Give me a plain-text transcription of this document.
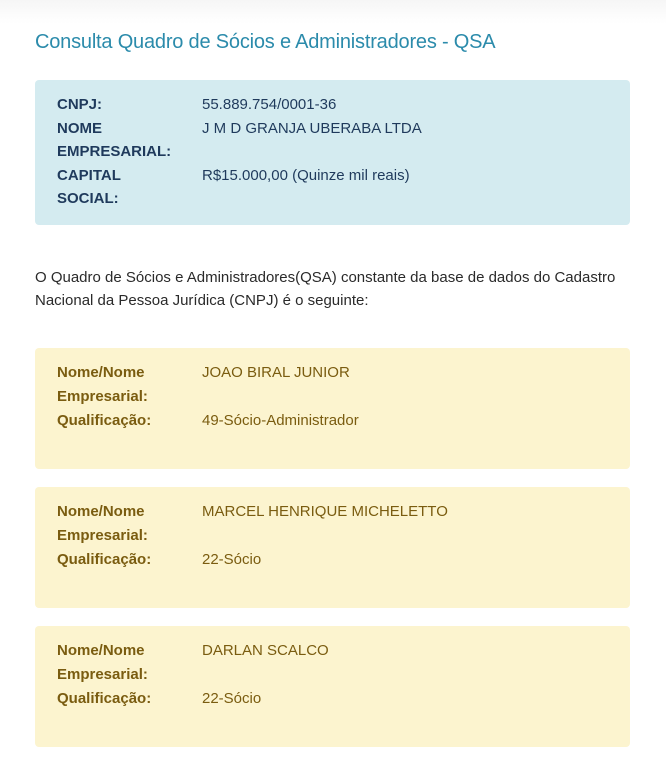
Consulta Quadro de Sócios e Administradores - QSA
CNPJ:	55.889.754/0001-36
NOME
EMPRESARIAL:
J M D GRANJA UBERABA LTDA
CAPITAL
SOCIAL:
R$15.000,00 (Quinze mil reais)
O Quadro de Sócios e Administradores(QSA) constante da base de dados do Cadastro Nacional da Pessoa Jurídica (CNPJ) é o seguinte:
Nome/Nome
Empresarial:
JOAO BIRAL JUNIOR
Qualificação:	49-Sócio-Administrador
Nome/Nome
Empresarial:
MARCEL HENRIQUE MICHELETTO
Qualificação:	22-Sócio
Nome/Nome
Empresarial:
DARLAN SCALCO
Qualificação:	22-Sócio
